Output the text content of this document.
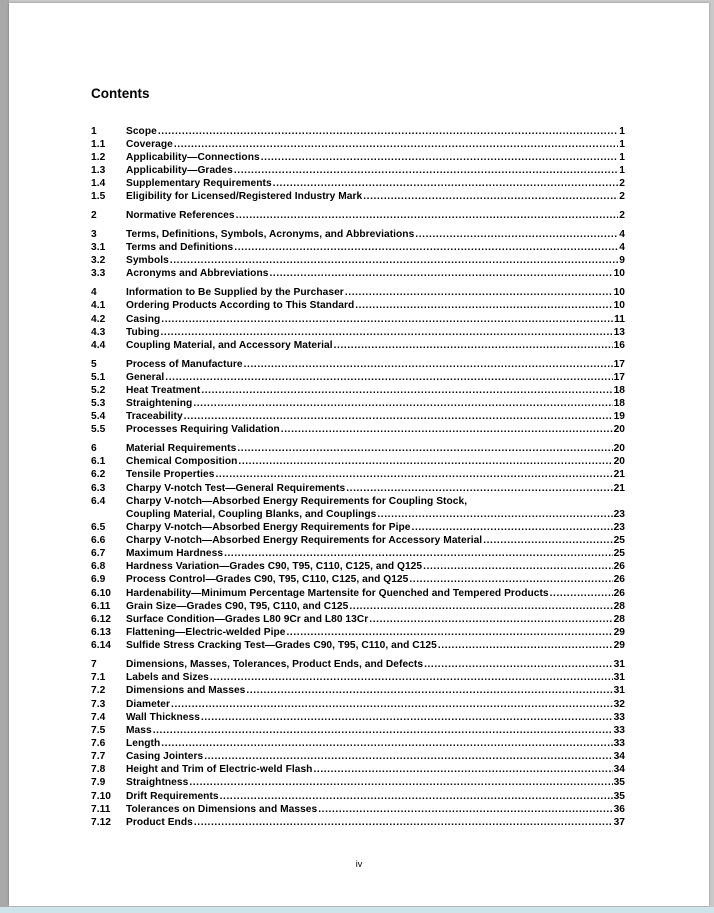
Contents
1	Scope .....	1
1.1 Coverage .....	1
1.2 Applicability—Connections .....	1
1.3 Applicability—Grades .....	1
1.4 Supplementary Requirements .....	2
1.5 Eligibility for Licensed/Registered Industry Mark .....	2
2	Normative References .....	2
3	Terms, Definitions, Symbols, Acronyms, and Abbreviations .....	4
3.1 Terms and Definitions .....	4
3.2 Symbols .....	9
3.3 Acronyms and Abbreviations .....	10
4	Information to Be Supplied by the Purchaser .....	10
4.1 Ordering Products According to This Standard .....	10
4.2 Casing .....	11
4.3 Tubing .....	13
4.4 Coupling Material, and Accessory Material .....	16
5	Process of Manufacture .....	17
5.1 General .....	17
5.2 Heat Treatment .....	18
5.3 Straightening .....	18
5.4 Traceability .....	19
5.5 Processes Requiring Validation .....	20
6	Material Requirements .....	20
6.1 Chemical Composition .....	20
6.2 Tensile Properties .....	21
6.3 Charpy V-notch Test—General Requirements .....	21
6.4 Charpy V-notch—Absorbed Energy Requirements for Coupling Stock,
Coupling Material, Coupling Blanks, and Couplings .....	23
6.5 Charpy V-notch—Absorbed Energy Requirements for Pipe .....	23
6.6 Charpy V-notch—Absorbed Energy Requirements for Accessory Material .....	25
6.7 Maximum Hardness .....	25
6.8 Hardness Variation—Grades C90, T95, C110, C125, and Q125 .....	26
6.9 Process Control—Grades C90, T95, C110, C125, and Q125 .....	26
6.10 Hardenability—Minimum Percentage Martensite for Quenched and Tempered Products .....	26
6.11 Grain Size—Grades C90, T95, C110, and C125 .....	28
6.12 Surface Condition—Grades L80 9Cr and L80 13Cr .....	28
6.13 Flattening—Electric-welded Pipe .....	29
6.14 Sulfide Stress Cracking Test—Grades C90, T95, C110, and C125 .....	29
7	Dimensions, Masses, Tolerances, Product Ends, and Defects .....	31
7.1 Labels and Sizes .....	31
7.2 Dimensions and Masses .....	31
7.3 Diameter .....	32
7.4 Wall Thickness .....	33
7.5 Mass .....	33
7.6 Length .....	33
7.7 Casing Jointers .....	34
7.8 Height and Trim of Electric-weld Flash .....	34
7.9 Straightness .....	35
7.10 Drift Requirements .....	35
7.11 Tolerances on Dimensions and Masses .....	36
7.12 Product Ends .....	37
iv
